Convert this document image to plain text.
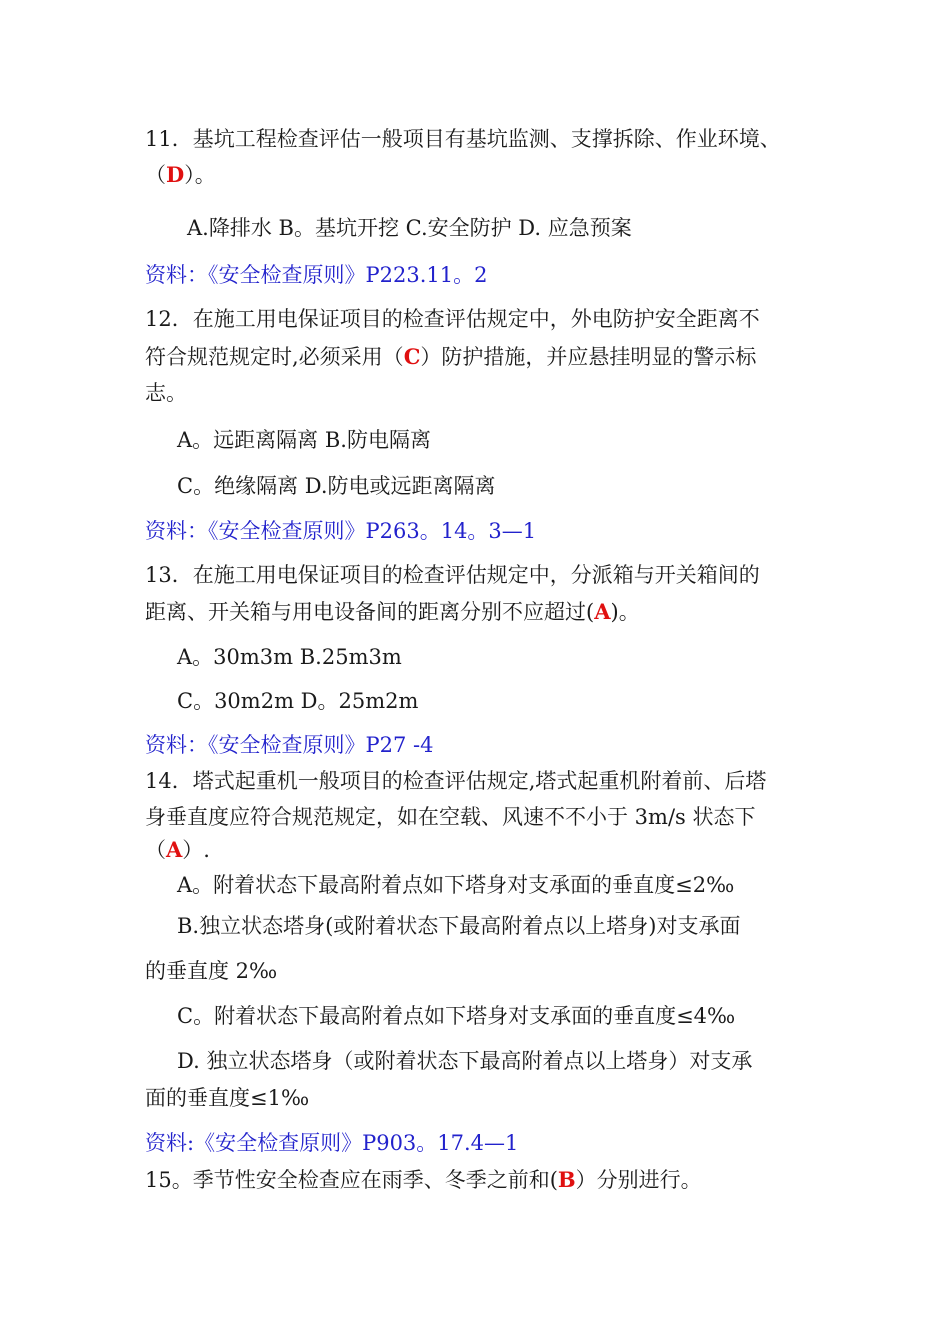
11．基坑工程检查评估一般项目有基坑监测、支撑拆除、作业环境、

（D）。

A.降排水 B。基坑开挖 C.安全防护 D. 应急预案

资料：《安全检查原则》P223.11。2

12．在施工用电保证项目的检查评估规定中，外电防护安全距离不

符合规范规定时,必须采用（C）防护措施，并应悬挂明显的警示标

志。

A。远距离隔离 B.防电隔离

C。绝缘隔离 D.防电或远距离隔离

资料：《安全检查原则》P263。14。3—1

13．在施工用电保证项目的检查评估规定中，分派箱与开关箱间的

距离、开关箱与用电设备间的距离分别不应超过(A)。

A。30m3m B.25m3m

C。30m2m D。25m2m

资料：《安全检查原则》P27 -4

14．塔式起重机一般项目的检查评估规定,塔式起重机附着前、后塔

身垂直度应符合规范规定，如在空载、风速不不小于 3m/s 状态下

（A）.

A。附着状态下最高附着点如下塔身对支承面的垂直度≤2‰

B.独立状态塔身(或附着状态下最高附着点以上塔身)对支承面

的垂直度 2‰

C。附着状态下最高附着点如下塔身对支承面的垂直度≤4‰

D. 独立状态塔身（或附着状态下最高附着点以上塔身）对支承

面的垂直度≤1‰

资料:《安全检查原则》P903。17.4—1

15。季节性安全检查应在雨季、冬季之前和(B）分别进行。
